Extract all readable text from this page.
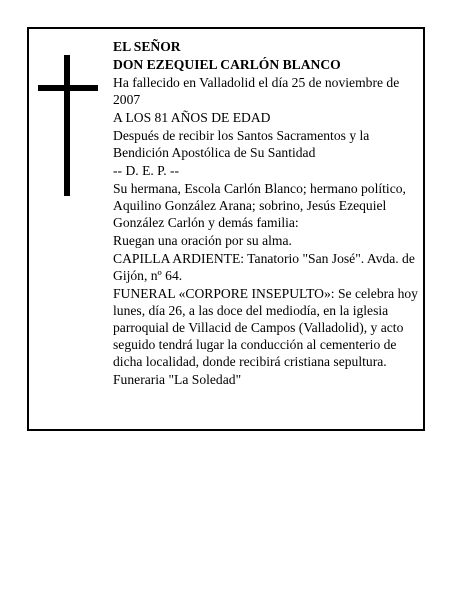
EL SEÑOR

DON EZEQUIEL CARLÓN BLANCO

Ha fallecido en Valladolid el día 25 de noviembre de 2007

A LOS 81 AÑOS DE EDAD

Después de recibir los Santos Sacramentos y la Bendición Apostólica de Su Santidad

-- D. E. P. --

Su hermana, Escola Carlón Blanco; hermano político, Aquilino González Arana; sobrino, Jesús Ezequiel González Carlón y demás familia:

Ruegan una oración por su alma.

CAPILLA ARDIENTE: Tanatorio "San José". Avda. de Gijón, nº 64.

FUNERAL «CORPORE INSEPULTO»: Se celebra hoy lunes, día 26, a las doce del mediodía, en la iglesia parroquial de Villacid de Campos (Valladolid), y acto seguido tendrá lugar la conducción al cementerio de dicha localidad, donde recibirá cristiana sepultura.

Funeraria "La Soledad"
